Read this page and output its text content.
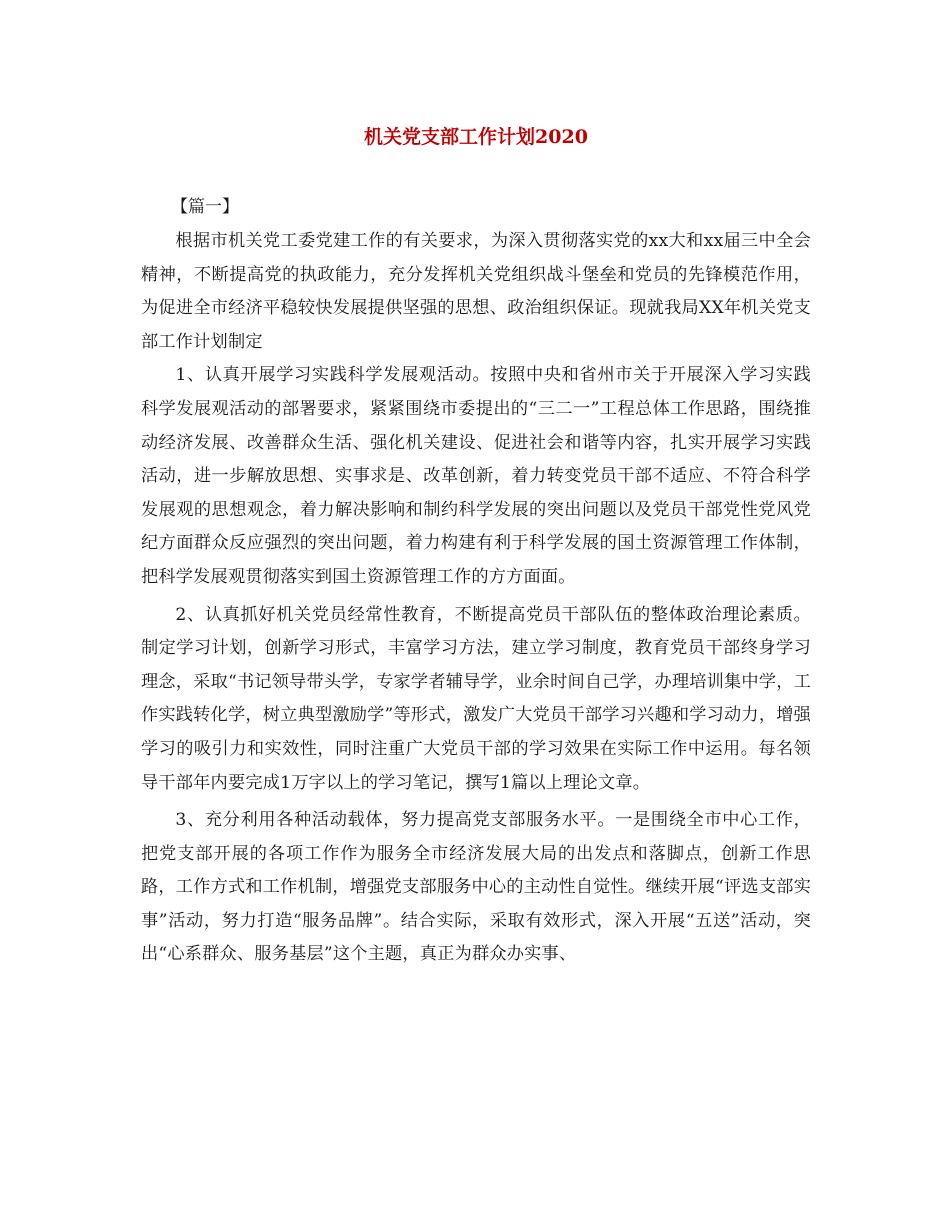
机关党支部工作计划2020

【篇一】

根据市机关党工委党建工作的有关要求，为深入贯彻落实党的xx大和xx届三中全会精神，不断提高党的执政能力，充分发挥机关党组织战斗堡垒和党员的先锋模范作用，为促进全市经济平稳较快发展提供坚强的思想、政治组织保证。现就我局XX年机关党支部工作计划制定

1、认真开展学习实践科学发展观活动。按照中央和省州市关于开展深入学习实践科学发展观活动的部署要求，紧紧围绕市委提出的“三二一”工程总体工作思路，围绕推动经济发展、改善群众生活、强化机关建设、促进社会和谐等内容，扎实开展学习实践活动，进一步解放思想、实事求是、改革创新，着力转变党员干部不适应、不符合科学发展观的思想观念，着力解决影响和制约科学发展的突出问题以及党员干部党性党风党纪方面群众反应强烈的突出问题，着力构建有利于科学发展的国土资源管理工作体制，把科学发展观贯彻落实到国土资源管理工作的方方面面。

2、认真抓好机关党员经常性教育，不断提高党员干部队伍的整体政治理论素质。制定学习计划，创新学习形式，丰富学习方法，建立学习制度，教育党员干部终身学习理念，采取“书记领导带头学，专家学者辅导学，业余时间自己学，办理培训集中学，工作实践转化学，树立典型激励学”等形式，激发广大党员干部学习兴趣和学习动力，增强学习的吸引力和实效性，同时注重广大党员干部的学习效果在实际工作中运用。每名领导干部年内要完成1万字以上的学习笔记，撰写1篇以上理论文章。

3、充分利用各种活动载体，努力提高党支部服务水平。一是围绕全市中心工作，把党支部开展的各项工作作为服务全市经济发展大局的出发点和落脚点，创新工作思路，工作方式和工作机制，增强党支部服务中心的主动性自觉性。继续开展“评选支部实事”活动，努力打造“服务品牌”。结合实际，采取有效形式，深入开展“五送”活动，突出“心系群众、服务基层”这个主题，真正为群众办实事、
